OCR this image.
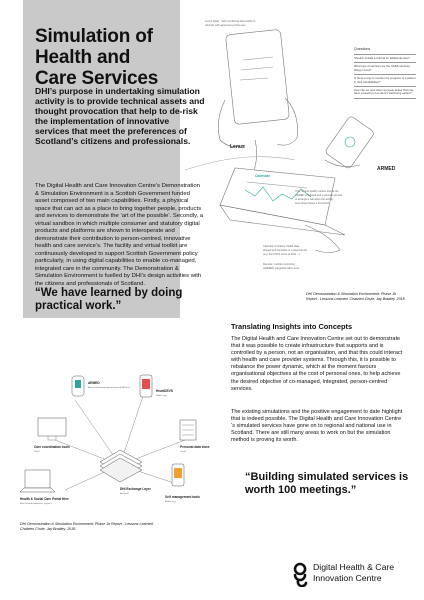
Simulation of Health and Care Services
DHI’s purpose in undertaking simulation activity is to provide technical assets and thought provocation that help to de-risk the implementation of innovative services that meet the preferences of Scotland’s citizens and professionals.
The Digital Health and Care Innovation Centre’s Demonstration & Simulation Environment is a Scottish Government funded asset composed of two main capabilities. Firstly, a physical space that can act as a place to bring together people, products and services to demonstrate the ‘art of the possible’. Secondly, a virtual sandbox in which multiple consumer and statutory digital products and platforms are shown to interoperate and demonstrate their contribution to person-centred, innovative health and care service’s. The facility and virtual toolkit are continuously developed to support Scottish Government policy particularly, in using digital capabilities to enable co-managed, integrated care in the community. The Demonstration & Simulation Environment is fuelled by DHI’s design activities with the citizens and professionals of Scotland.
“We have learned by doing practical work.”
Lenus tablet · Self-monitoring data visible to
clinician with agreement of the user
Your remote health monitor shows the
ARMED wristband and a clinician prompt
to arrange a call when the activity
level drops below a threshold.
Calendar of activity, health data
shared with clinicians in a clear format
(e.g. low CATS score at 62% ...)
Remote / mobile monitoring
(ARMED) integrated with Lenus
Lenus
ARMED
Calendar
Questions
Should I initiate a referral for additional care?
What type of services are the SSDS services fitting in best?
Is there a way to monitor the progress of a patient in their rehabilitation?
How can we spot when an issue arises that may have a bearing on a client's well-being earlier?
DHI Demonstration & Simulation Environment: Phase 1b Report - Lessons Learned. Chatzieri Chule, Jay Bradley. 2018.
Translating Insights into Concepts
The Digital Health and Care Innovation Centre set out to demonstrate that it was possible to create infrastructure that supports and is controlled by a person, not an organisation, and that this could interact with health and care provider systems. Through this, it is possible to rebalance the power dynamic, which at the moment favours organisational objectives at the cost of personal ones, to help achieve the desired objective of co-managed, integrated, person-centred services.
The existing simulations and the positive engagement to date highlight that is indeed possible. The Digital Health and Care Innovation Centre ‘s simulated services have gone on to regional and national use in Scotland. There are still many areas to work on but the simulation method is proving its worth.
“Building simulated services is worth 100 meetings.”
ARMED
Advanced Remote Monitoring and MEDical
HeartDEVS
Mobile app
Care coordination tools
Portal
Personal data store
Cloud
DHI Exchange Layer
Backend
Health & Social Care Portal Hive
With Scottish Blagoners (mysite)
Self management tools
Mobile app
DHI Demonstration & Simulation Environment: Phase 1b Report - Lessons Learned. Chatzieri Chule, Jay Bradley. 2018.
Digital Health & Care
Innovation Centre
